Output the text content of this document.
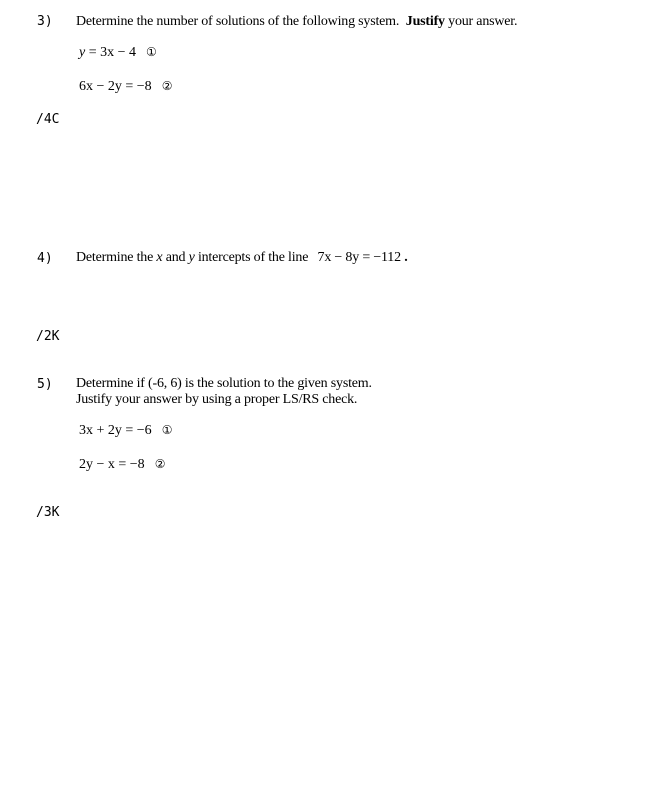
3) Determine the number of solutions of the following system.  Justify your answer.
y = 3x − 4 ①
6x − 2y = −8 ②
/4C
4) Determine the x and y intercepts of the line 7x − 8y = −112 .
/2K
5) Determine if (-6, 6) is the solution to the given system.
Justify your answer by using a proper LS/RS check.
3x + 2y = −6 ①
2y − x = −8 ②
/3K
